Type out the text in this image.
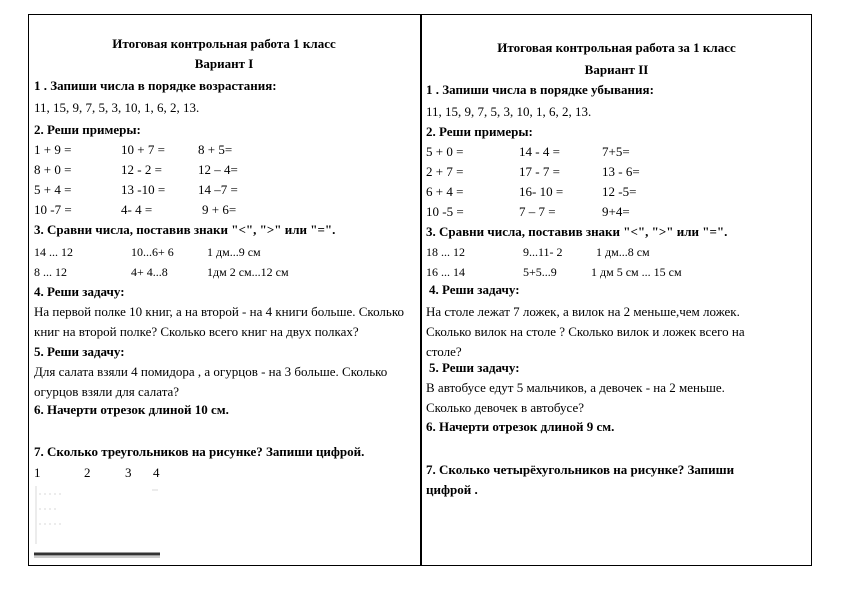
Итоговая контрольная работа 1 класс
Вариант I
1 . Запиши числа в порядке возрастания:
11, 15, 9, 7, 5, 3, 10, 1, 6, 2, 13.
2. Реши примеры:
1 + 9 =	10 + 7 =	8 + 5=
8 + 0 =	12 - 2 =	12 – 4=
5 + 4 =	13 -10 =	14 –7 =
10 -7 =	4- 4 =	9 + 6=
3. Сравни числа, поставив знаки "<", ">" или "=".
14 ... 12	10...6+ 6	1 дм...9 см
8 ... 12	4+ 4...8	1дм 2 см...12 см
4. Реши задачу:
На первой полке 10 книг, а на второй - на 4 книги больше. Сколько книг на второй полке? Сколько всего книг на двух полках?
5. Реши задачу:
Для салата взяли 4 помидора , а огурцов - на 3 больше. Сколько огурцов взяли для салата?
6. Начерти отрезок длиной 10 см.
7. Сколько треугольников на рисунке? Запиши цифрой.
1	2	3 4
Итоговая контрольная работа за 1 класс
Вариант II
1 . Запиши числа в порядке убывания:
11, 15, 9, 7, 5, 3, 10, 1, 6, 2, 13.
2. Реши примеры:
5 + 0 =	14 - 4 =	7+5=
2 + 7 =	17 - 7 =	13 - 6=
6 + 4 =	16- 10 =	12 -5=
10 -5 =	7 – 7 =	9+4=
3. Сравни числа, поставив знаки "<", ">" или "=".
18 ... 12	9...11- 2	1 дм...8 см
16 ... 14	5+5...9	1 дм 5 см ... 15 см
4. Реши задачу:
На столе лежат 7 ложек, а вилок на 2 меньше,чем ложек. Сколько вилок на столе ? Сколько вилок и ложек всего на столе?
5. Реши задачу:
В автобусе едут 5 мальчиков, а девочек - на 2 меньше. Сколько девочек в автобусе?
6. Начерти отрезок длиной 9 см.
7. Сколько четырёхугольников на рисунке? Запиши цифрой .
